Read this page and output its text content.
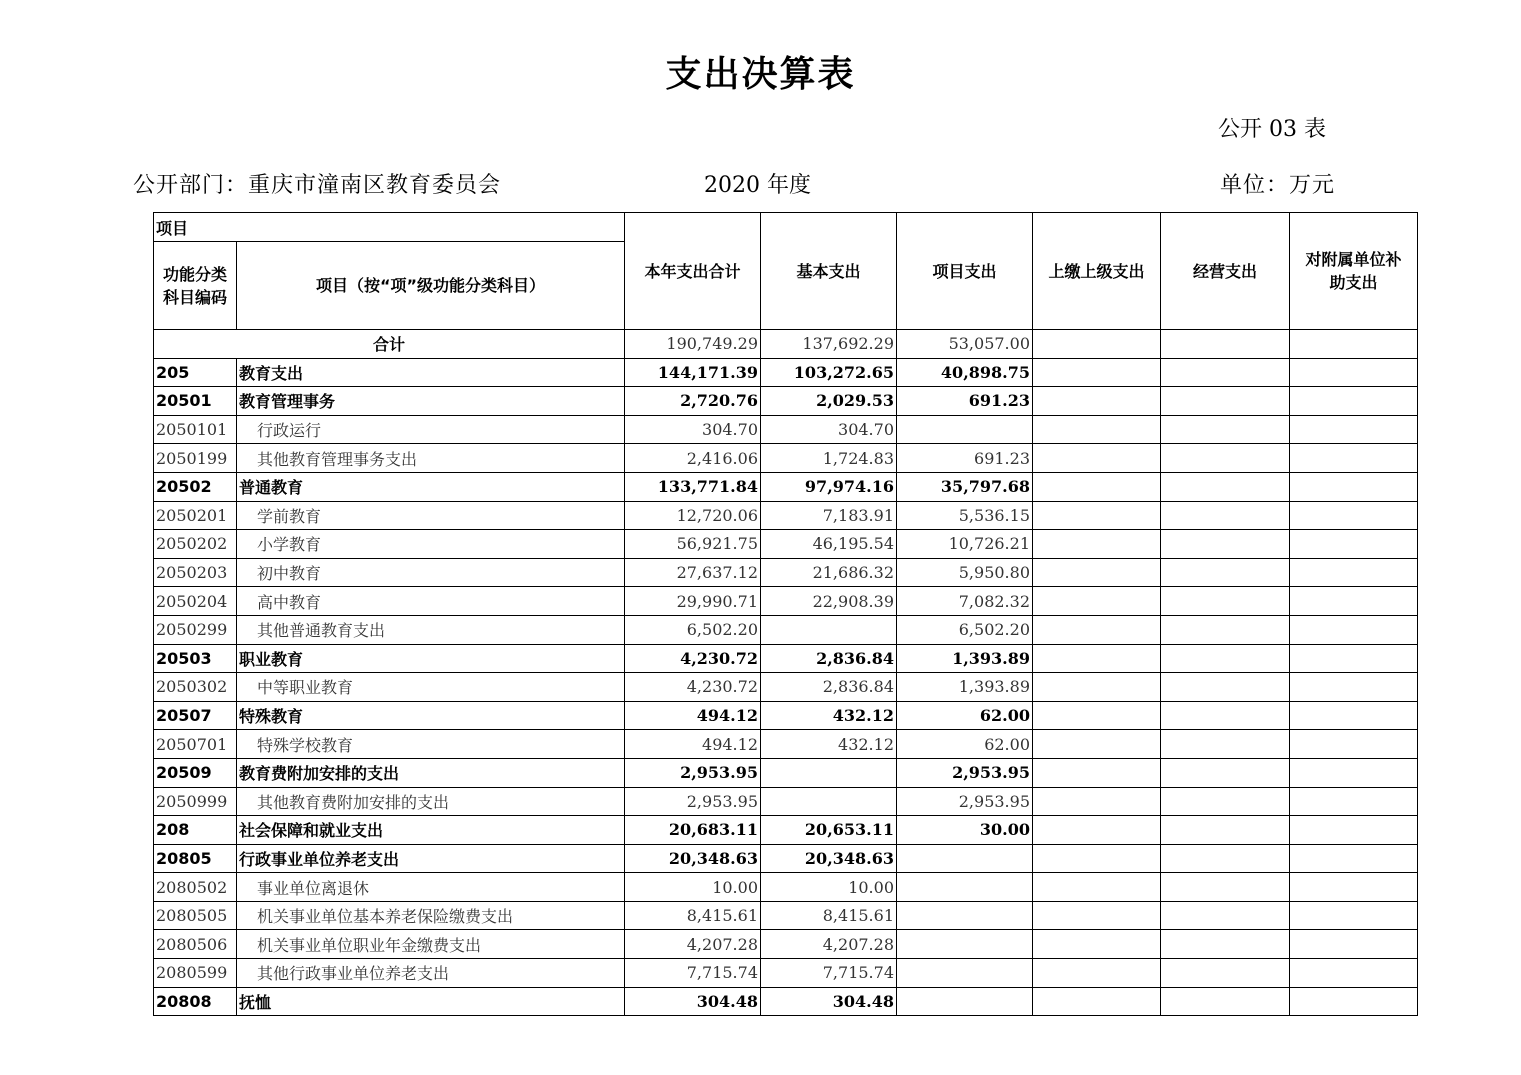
支出决算表
公开 03 表
公开部门：重庆市潼南区教育委员会	2020 年度	单位：万元
项目		本年支出合计	基本支出	项目支出	上缴上级支出	经营支出	对附属单位补助支出
功能分类科目编码	项目（按“项”级功能分类科目）						
合计		190,749.29	137,692.29	53,057.00			
205	教育支出	144,171.39	103,272.65	40,898.75			
20501	教育管理事务	2,720.76	2,029.53	691.23			
2050101	行政运行	304.70	304.70				
2050199	其他教育管理事务支出	2,416.06	1,724.83	691.23			
20502	普通教育	133,771.84	97,974.16	35,797.68			
2050201	学前教育	12,720.06	7,183.91	5,536.15			
2050202	小学教育	56,921.75	46,195.54	10,726.21			
2050203	初中教育	27,637.12	21,686.32	5,950.80			
2050204	高中教育	29,990.71	22,908.39	7,082.32			
2050299	其他普通教育支出	6,502.20		6,502.20			
20503	职业教育	4,230.72	2,836.84	1,393.89			
2050302	中等职业教育	4,230.72	2,836.84	1,393.89			
20507	特殊教育	494.12	432.12	62.00			
2050701	特殊学校教育	494.12	432.12	62.00			
20509	教育费附加安排的支出	2,953.95		2,953.95			
2050999	其他教育费附加安排的支出	2,953.95		2,953.95			
208	社会保障和就业支出	20,683.11	20,653.11	30.00			
20805	行政事业单位养老支出	20,348.63	20,348.63				
2080502	事业单位离退休	10.00	10.00				
2080505	机关事业单位基本养老保险缴费支出	8,415.61	8,415.61				
2080506	机关事业单位职业年金缴费支出	4,207.28	4,207.28				
2080599	其他行政事业单位养老支出	7,715.74	7,715.74				
20808	抚恤	304.48	304.48				
